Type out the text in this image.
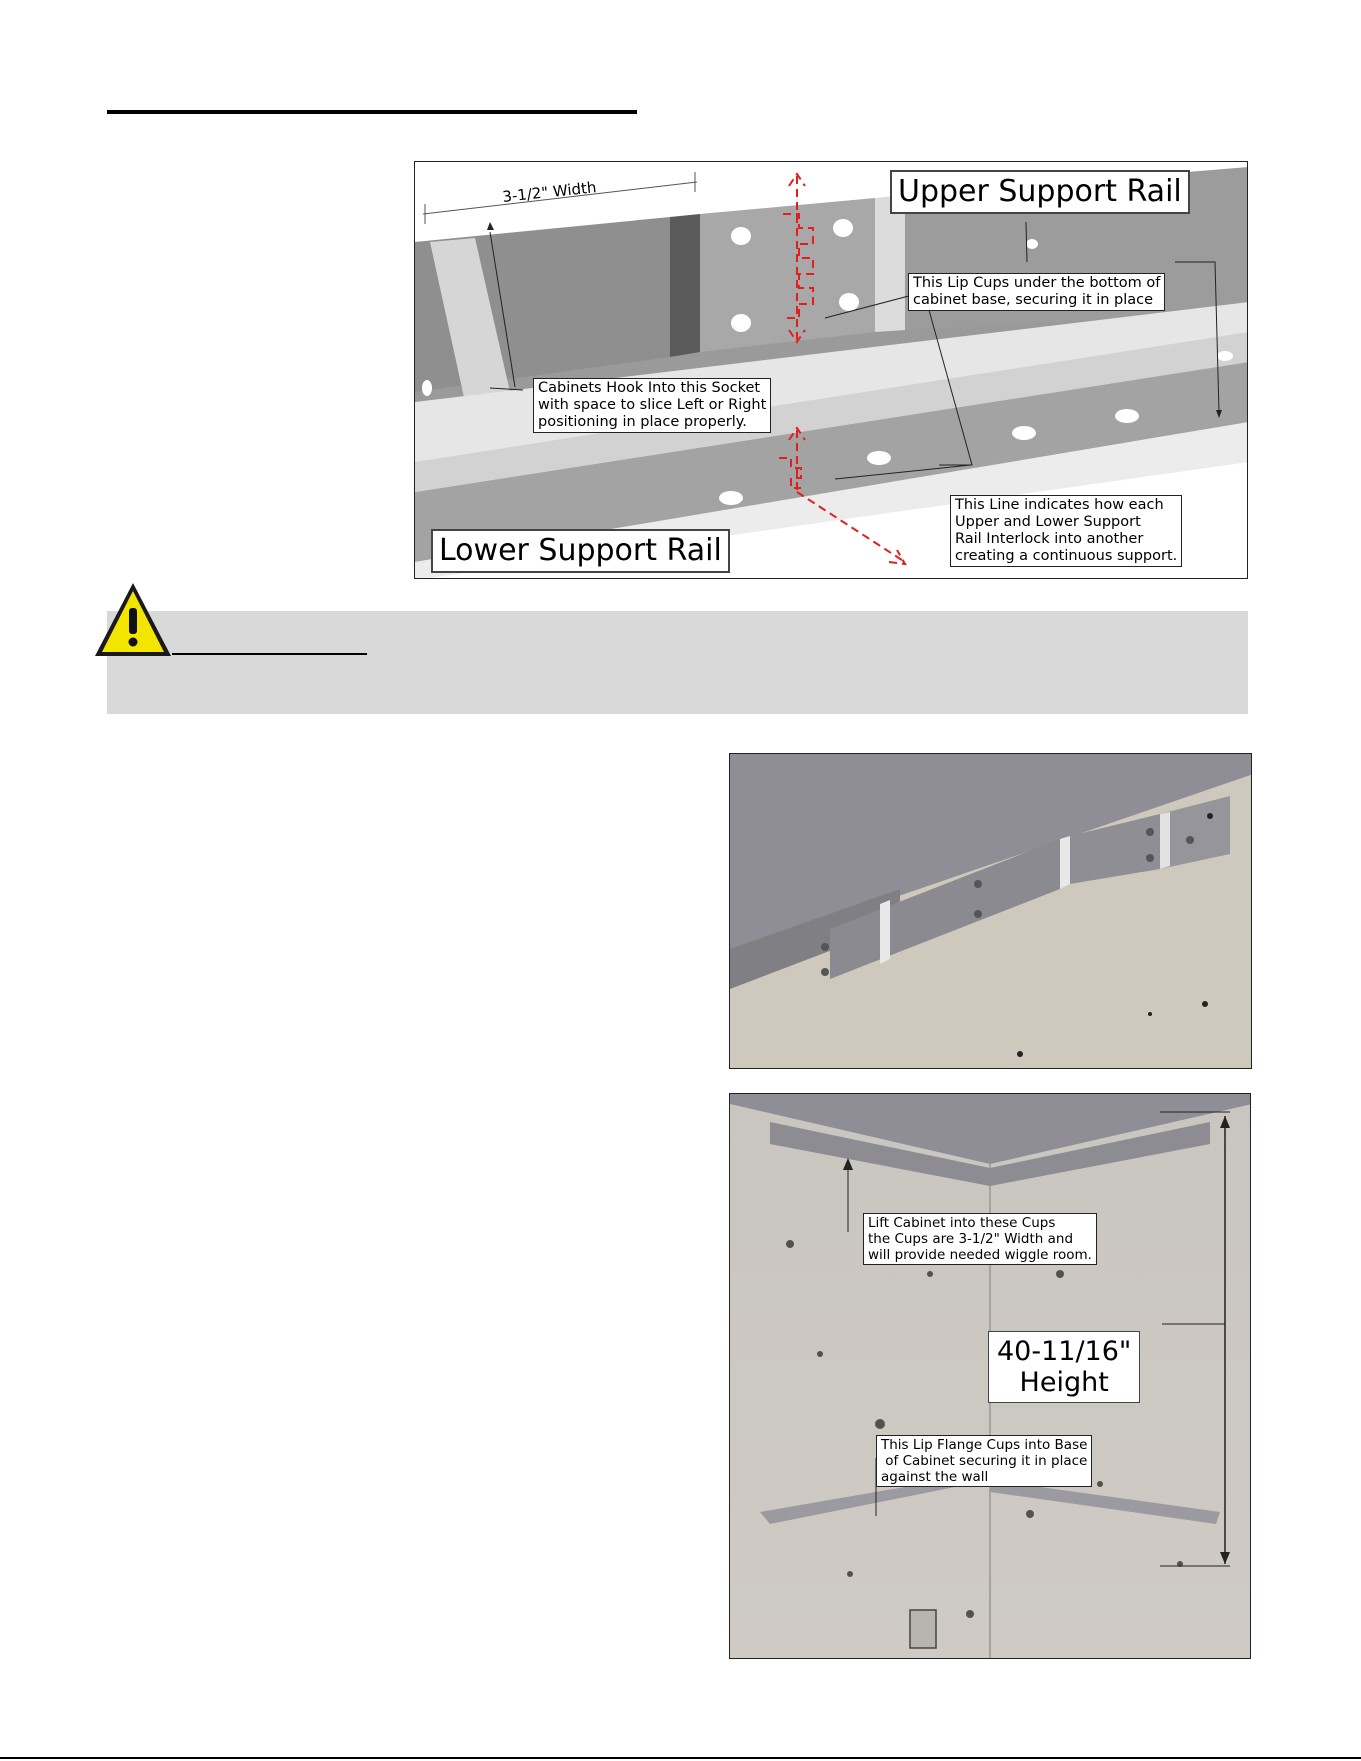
3-1/2" Width	Upper Support Rail
This Lip Cups under the bottom of
cabinet base, securing it in place
Cabinets Hook Into this Socket
with space to slice Left or Right
positioning in place properly.
Lower Support Rail
This Line indicates how each
Upper and Lower Support
Rail Interlock into another
creating a continuous support.
Lift Cabinet into these Cups
the Cups are 3-1/2" Width and
will provide needed wiggle room.
40-11/16"
Height
This Lip Flange Cups into Base
of Cabinet securing it in place
against the wall
